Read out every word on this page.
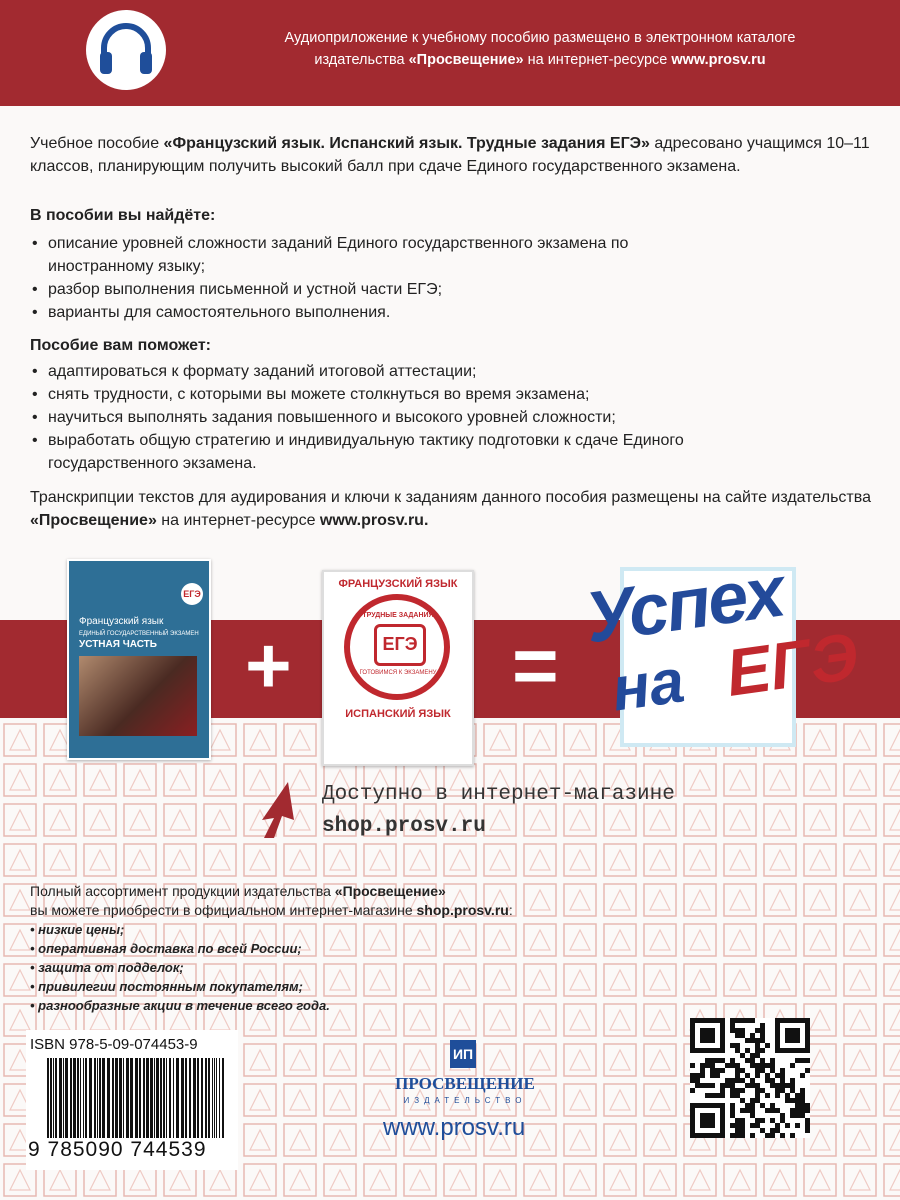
Аудиоприложение к учебному пособию размещено в электронном каталоге
издательства «Просвещение» на интернет-ресурсе www.prosv.ru
Учебное пособие «Французский язык. Испанский язык. Трудные задания ЕГЭ» адресовано учащимся 10–11 классов, планирующим получить высокий балл при сдаче Единого государственного экзамена.
В пособии вы найдёте:
• описание уровней сложности заданий Единого государственного экзамена по иностранному языку;
• разбор выполнения письменной и устной части ЕГЭ;
• варианты для самостоятельного выполнения.
Пособие вам поможет:
• адаптироваться к формату заданий итоговой аттестации;
• снять трудности, с которыми вы можете столкнуться во время экзамена;
• научиться выполнять задания повышенного и высокого уровней сложности;
• выработать общую стратегию и индивидуальную тактику подготовки к сдаче Единого государственного экзамена.
Транскрипции текстов для аудирования и ключи к заданиям данного пособия размещены на сайте издательства «Просвещение» на интернет-ресурсе www.prosv.ru.
ЕГЭ
Французский язык
ЕДИНЫЙ ГОСУДАРСТВЕННЫЙ ЭКЗАМЕН
УСТНАЯ ЧАСТЬ +
ФРАНЦУЗСКИЙ ЯЗЫК
ТРУДНЫЕ ЗАДАНИЯ
ЕГЭ
ГОТОВИМСЯ К ЭКЗАМЕНУ
ИСПАНСКИЙ ЯЗЫК
=
Успех
на ЕГЭ
Доступно в интернет-магазине
shop.prosv.ru
Полный ассортимент продукции издательства «Просвещение»
вы можете приобрести в официальном интернет-магазине shop.prosv.ru:
• низкие цены;
• оперативная доставка по всей России;
• защита от подделок;
• привилегии постоянным покупателям;
• разнообразные акции в течение всего года.
ISBN 978-5-09-074453-9
9 785090 744539
ИП
ПРОСВЕЩЕНИЕ
ИЗДАТЕЛЬСТВО
www.prosv.ru
